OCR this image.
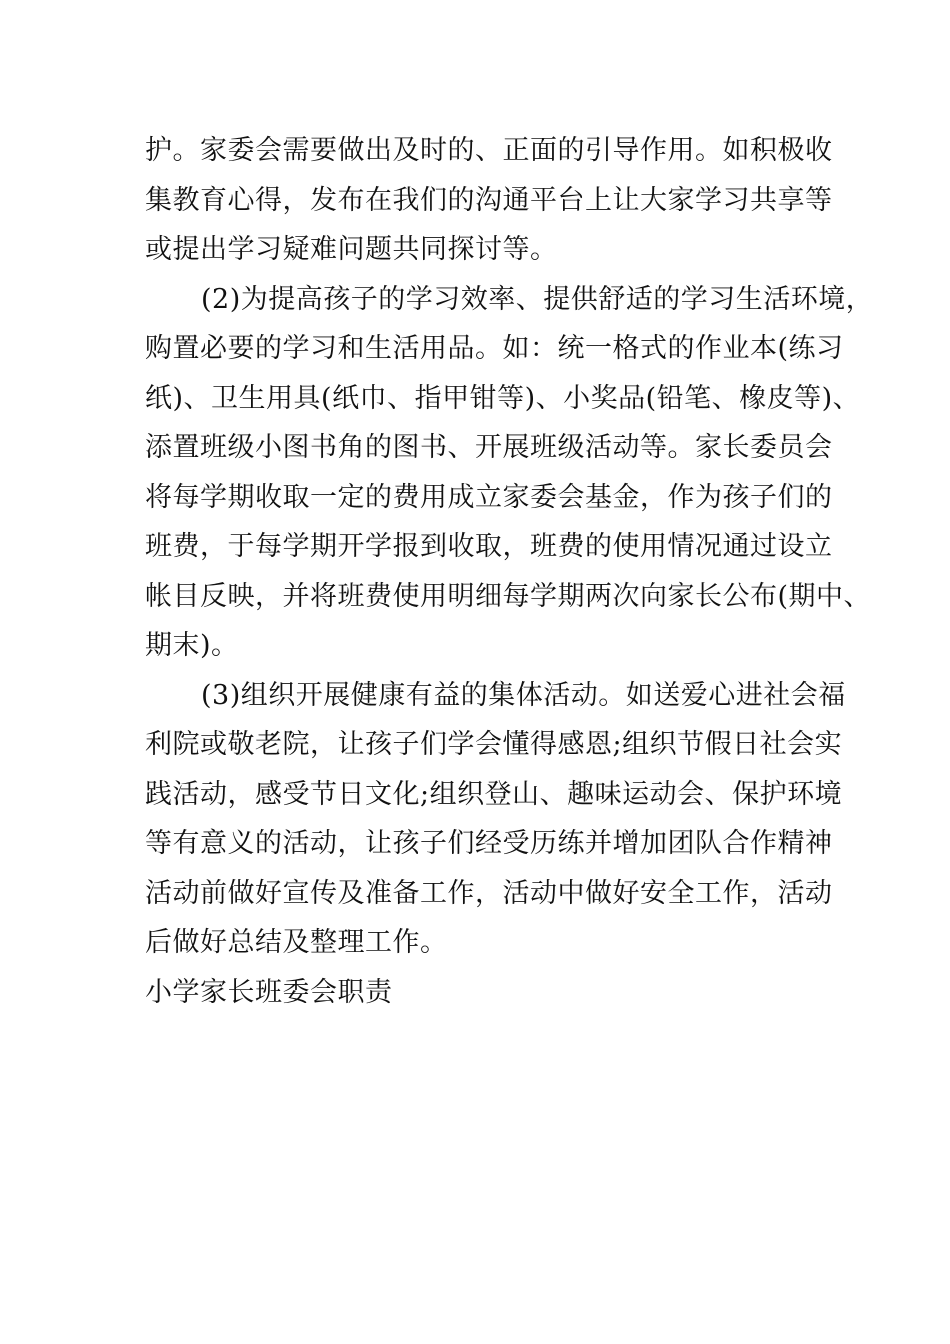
护。家委会需要做出及时的、正面的引导作用。如积极收
集教育心得，发布在我们的沟通平台上让大家学习共享等
或提出学习疑难问题共同探讨等。
(2)为提高孩子的学习效率、提供舒适的学习生活环境，
购置必要的学习和生活用品。如：统一格式的作业本(练习
纸)、卫生用具(纸巾、指甲钳等)、小奖品(铅笔、橡皮等)、
添置班级小图书角的图书、开展班级活动等。家长委员会
将每学期收取一定的费用成立家委会基金，作为孩子们的
班费，于每学期开学报到收取，班费的使用情况通过设立
帐目反映，并将班费使用明细每学期两次向家长公布(期中、
期末)。
(3)组织开展健康有益的集体活动。如送爱心进社会福
利院或敬老院，让孩子们学会懂得感恩;组织节假日社会实
践活动，感受节日文化;组织登山、趣味运动会、保护环境
等有意义的活动，让孩子们经受历练并增加团队合作精神
活动前做好宣传及准备工作，活动中做好安全工作，活动
后做好总结及整理工作。
小学家长班委会职责
